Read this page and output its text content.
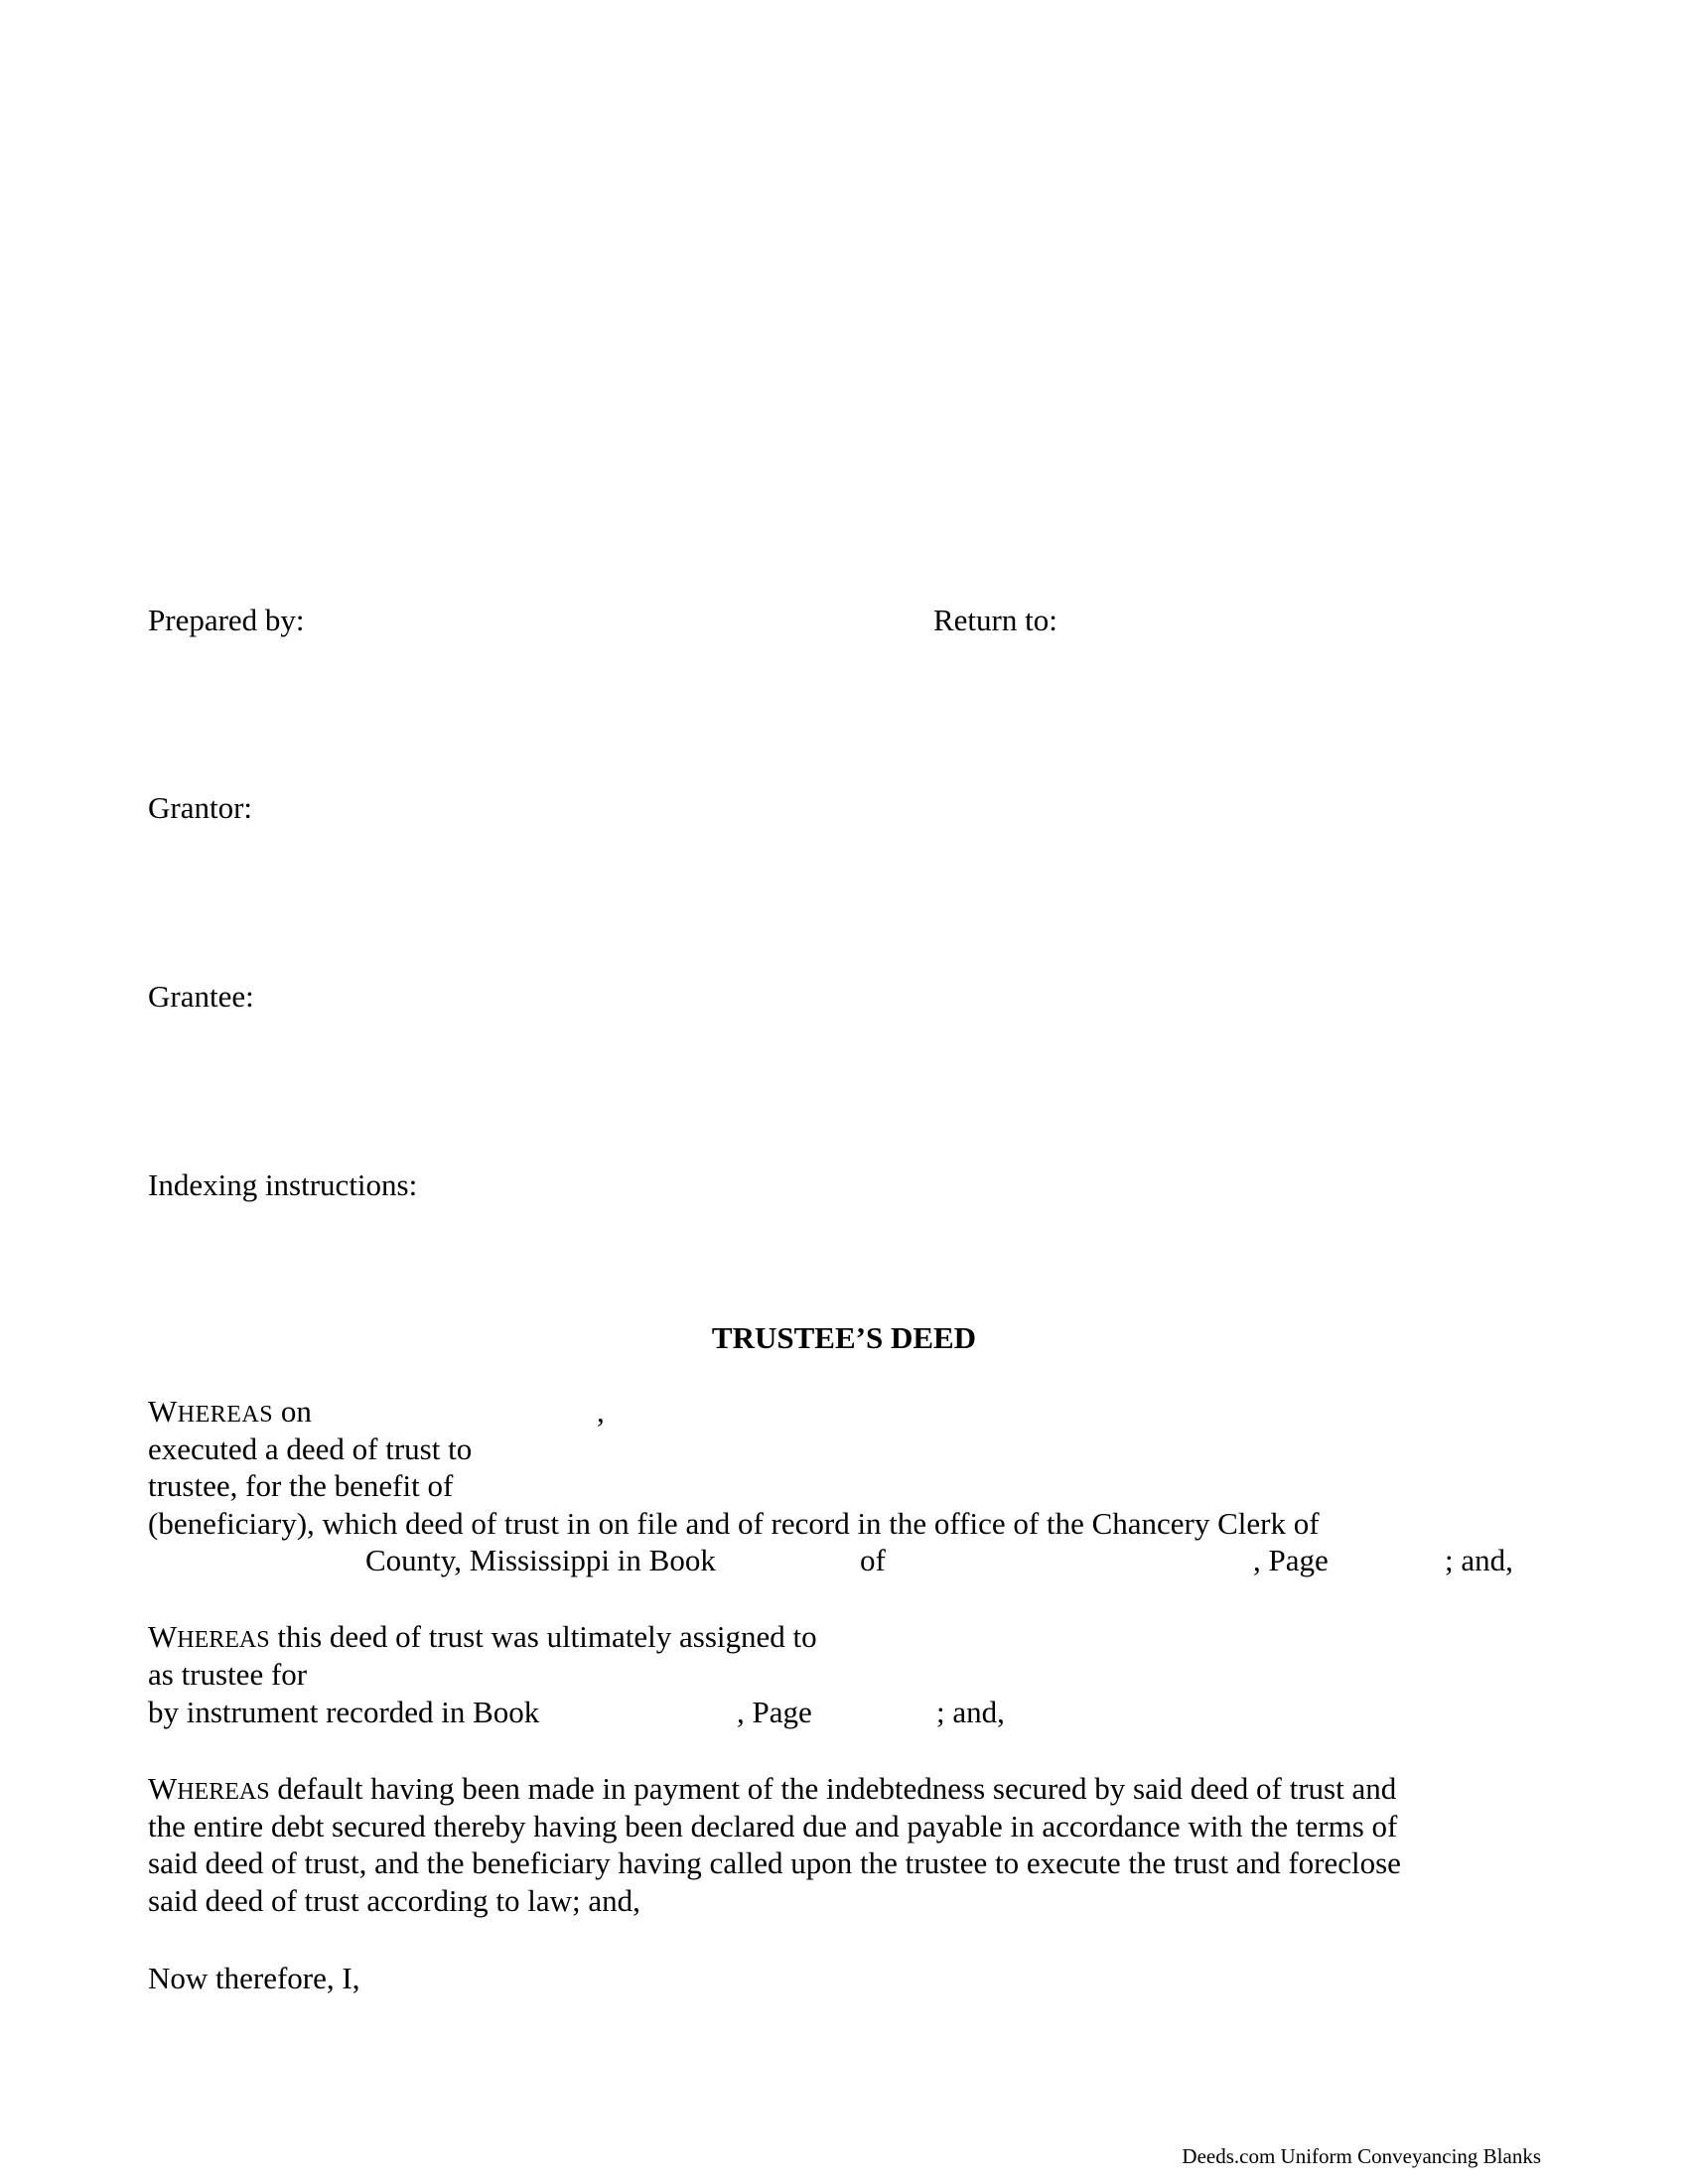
Prepared by:	Return to:
Grantor:
Grantee:
Indexing instructions:
TRUSTEE’S DEED
WHEREAS on	,
executed a deed of trust to
trustee, for the benefit of
(beneficiary), which deed of trust in on file and of record in the office of the Chancery Clerk of
County, Mississippi in Book	of	, Page	; and,
WHEREAS this deed of trust was ultimately assigned to
as trustee for
by instrument recorded in Book	, Page	; and,
WHEREAS default having been made in payment of the indebtedness secured by said deed of trust and
the entire debt secured thereby having been declared due and payable in accordance with the terms of
said deed of trust, and the beneficiary having called upon the trustee to execute the trust and foreclose
said deed of trust according to law; and,
Now therefore, I,
Deeds.com Uniform Conveyancing Blanks
